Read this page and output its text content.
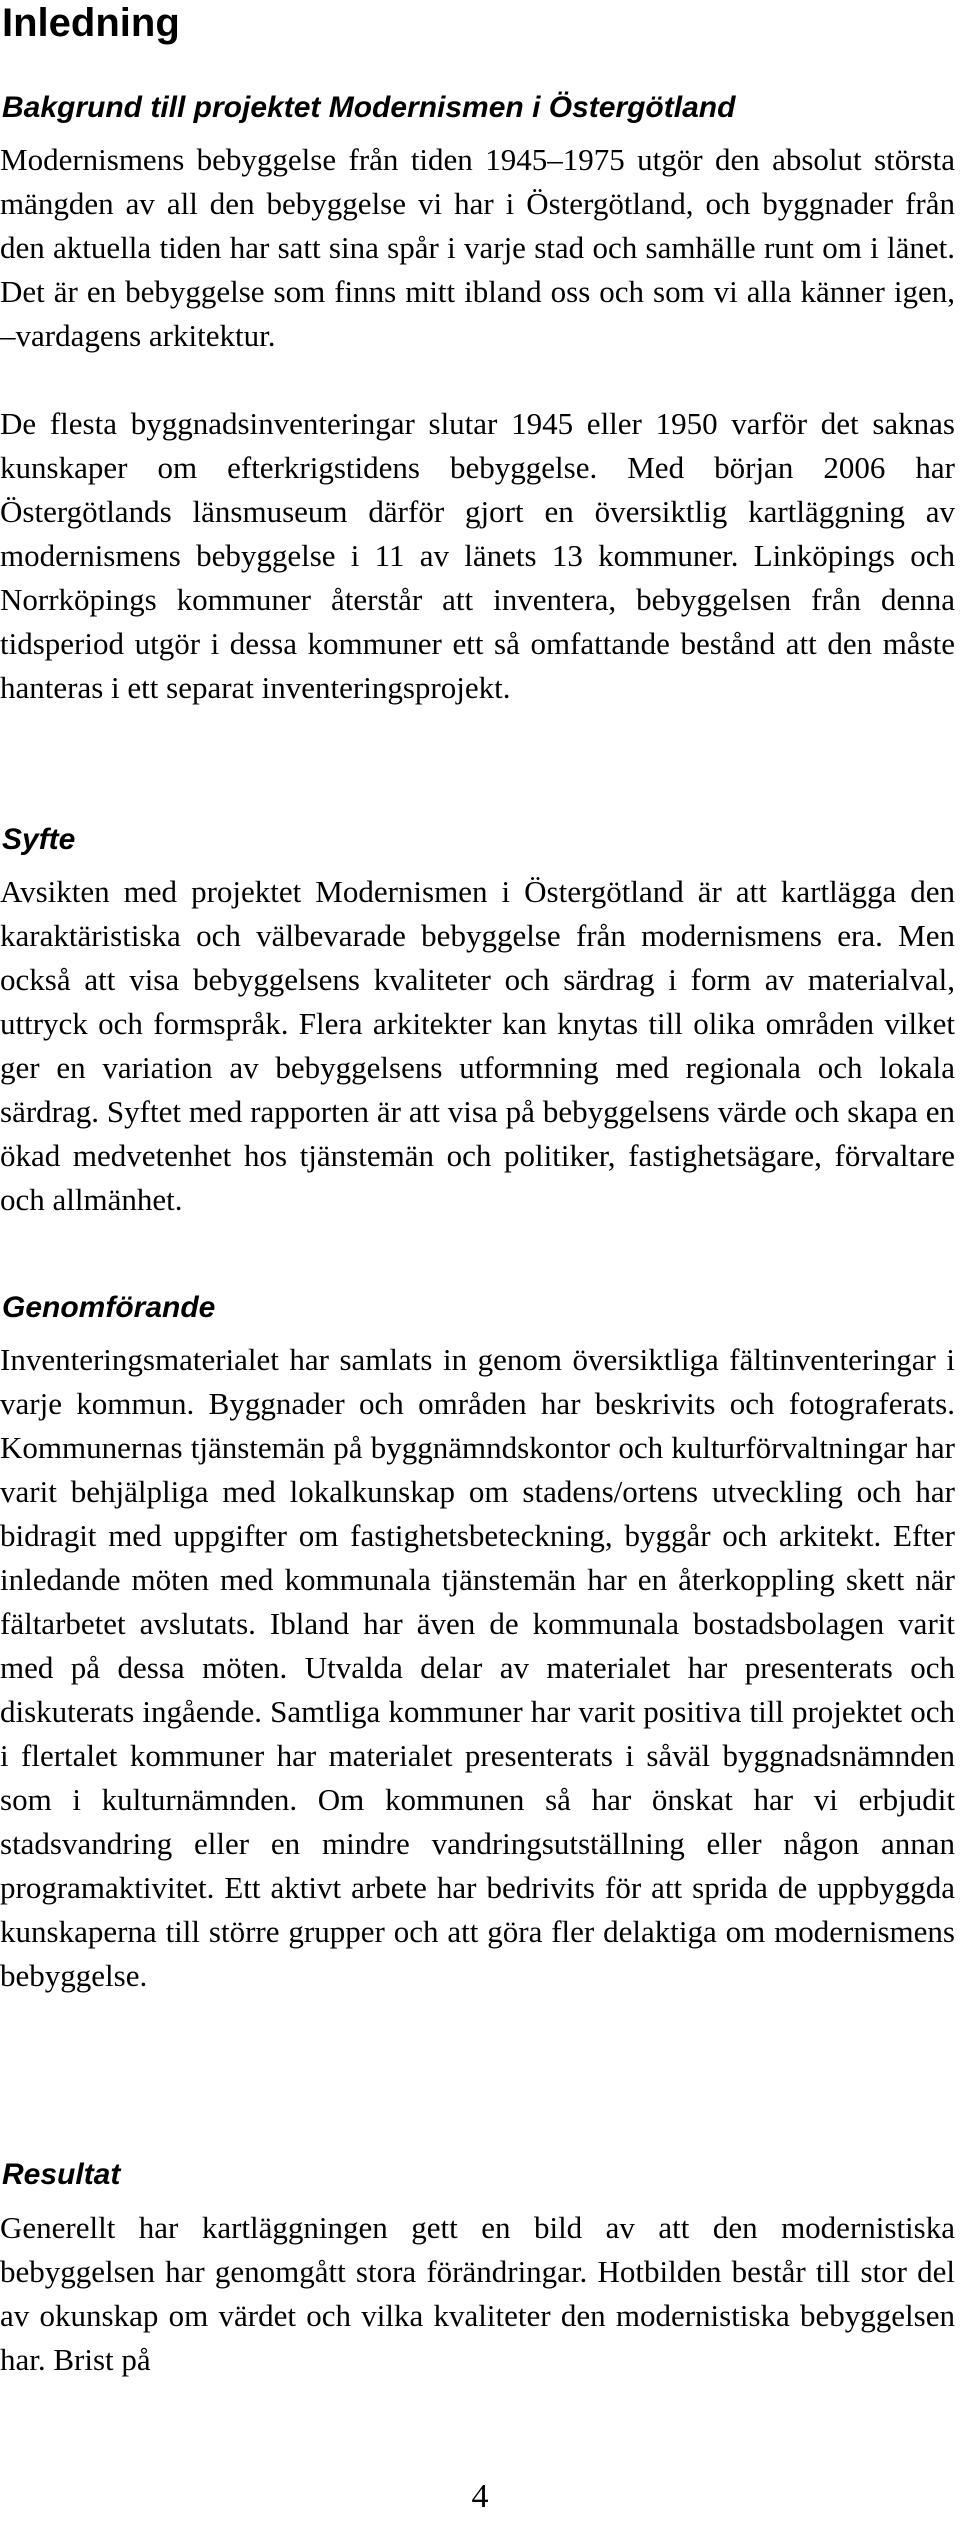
Inledning
Bakgrund till projektet Modernismen i Östergötland

Modernismens bebyggelse från tiden 1945–1975 utgör den absolut största mängden av all den bebyggelse vi har i Östergötland, och byggnader från den aktuella tiden har satt sina spår i varje stad och samhälle runt om i länet. Det är en bebyggelse som finns mitt ibland oss och som vi alla känner igen, –vardagens arkitektur.

De flesta byggnadsinventeringar slutar 1945 eller 1950 varför det saknas kunskaper om efterkrigstidens bebyggelse. Med början 2006 har Östergötlands länsmuseum därför gjort en översiktlig kartläggning av modernismens bebyggelse i 11 av länets 13 kommuner. Linköpings och Norrköpings kommuner återstår att inventera, bebyggelsen från denna tidsperiod utgör i dessa kommuner ett så omfattande bestånd att den måste hanteras i ett separat inventeringsprojekt.

Syfte

Avsikten med projektet Modernismen i Östergötland är att kartlägga den karaktäristiska och välbevarade bebyggelse från modernismens era. Men också att visa bebyggelsens kvaliteter och särdrag i form av materialval, uttryck och formspråk. Flera arkitekter kan knytas till olika områden vilket ger en variation av bebyggelsens utformning med regionala och lokala särdrag. Syftet med rapporten är att visa på bebyggelsens värde och skapa en ökad medvetenhet hos tjänstemän och politiker, fastighetsägare, förvaltare och allmänhet.

Genomförande

Inventeringsmaterialet har samlats in genom översiktliga fältinventeringar i varje kommun. Byggnader och områden har beskrivits och fotograferats. Kommunernas tjänstemän på byggnämndskontor och kulturförvaltningar har varit behjälpliga med lokalkunskap om stadens/ortens utveckling och har bidragit med uppgifter om fastighetsbeteckning, byggår och arkitekt. Efter inledande möten med kommunala tjänstemän har en återkoppling skett när fältarbetet avslutats. Ibland har även de kommunala bostadsbolagen varit med på dessa möten. Utvalda delar av materialet har presenterats och diskuterats ingående. Samtliga kommuner har varit positiva till projektet och i flertalet kommuner har materialet presenterats i såväl byggnadsnämnden som i kulturnämnden. Om kommunen så har önskat har vi erbjudit stadsvandring eller en mindre vandringsutställning eller någon annan programaktivitet. Ett aktivt arbete har bedrivits för att sprida de uppbyggda kunskaperna till större grupper och att göra fler delaktiga om modernismens bebyggelse.

Resultat

Generellt har kartläggningen gett en bild av att den modernistiska bebyggelsen har genomgått stora förändringar. Hotbilden består till stor del av okunskap om värdet och vilka kvaliteter den modernistiska bebyggelsen har. Brist på

4
